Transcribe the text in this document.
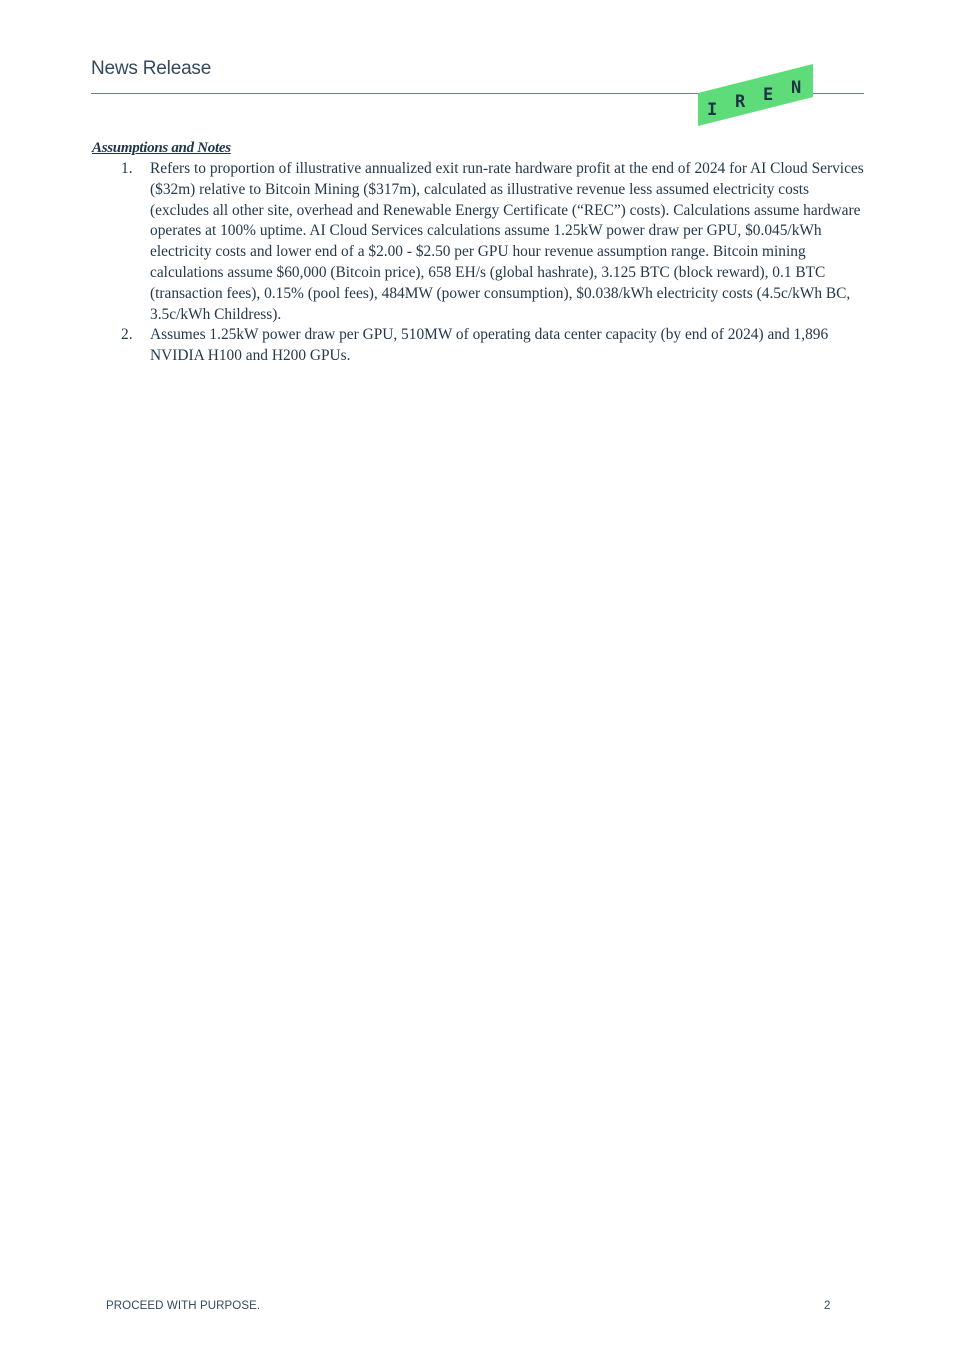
News Release
I R E N
Assumptions and Notes
1.	Refers to proportion of illustrative annualized exit run-rate hardware profit at the end of 2024 for AI Cloud Services ($32m) relative to Bitcoin Mining ($317m), calculated as illustrative revenue less assumed electricity costs (excludes all other site, overhead and Renewable Energy Certificate (“REC”) costs). Calculations assume hardware operates at 100% uptime. AI Cloud Services calculations assume 1.25kW power draw per GPU, $0.045/kWh electricity costs and lower end of a $2.00 - $2.50 per GPU hour revenue assumption range. Bitcoin mining calculations assume $60,000 (Bitcoin price), 658 EH/s (global hashrate), 3.125 BTC (block reward), 0.1 BTC (transaction fees), 0.15% (pool fees), 484MW (power consumption), $0.038/kWh electricity costs (4.5c/kWh BC, 3.5c/kWh Childress).
2.	Assumes 1.25kW power draw per GPU, 510MW of operating data center capacity (by end of 2024) and 1,896 NVIDIA H100 and H200 GPUs.
PROCEED WITH PURPOSE.	2
